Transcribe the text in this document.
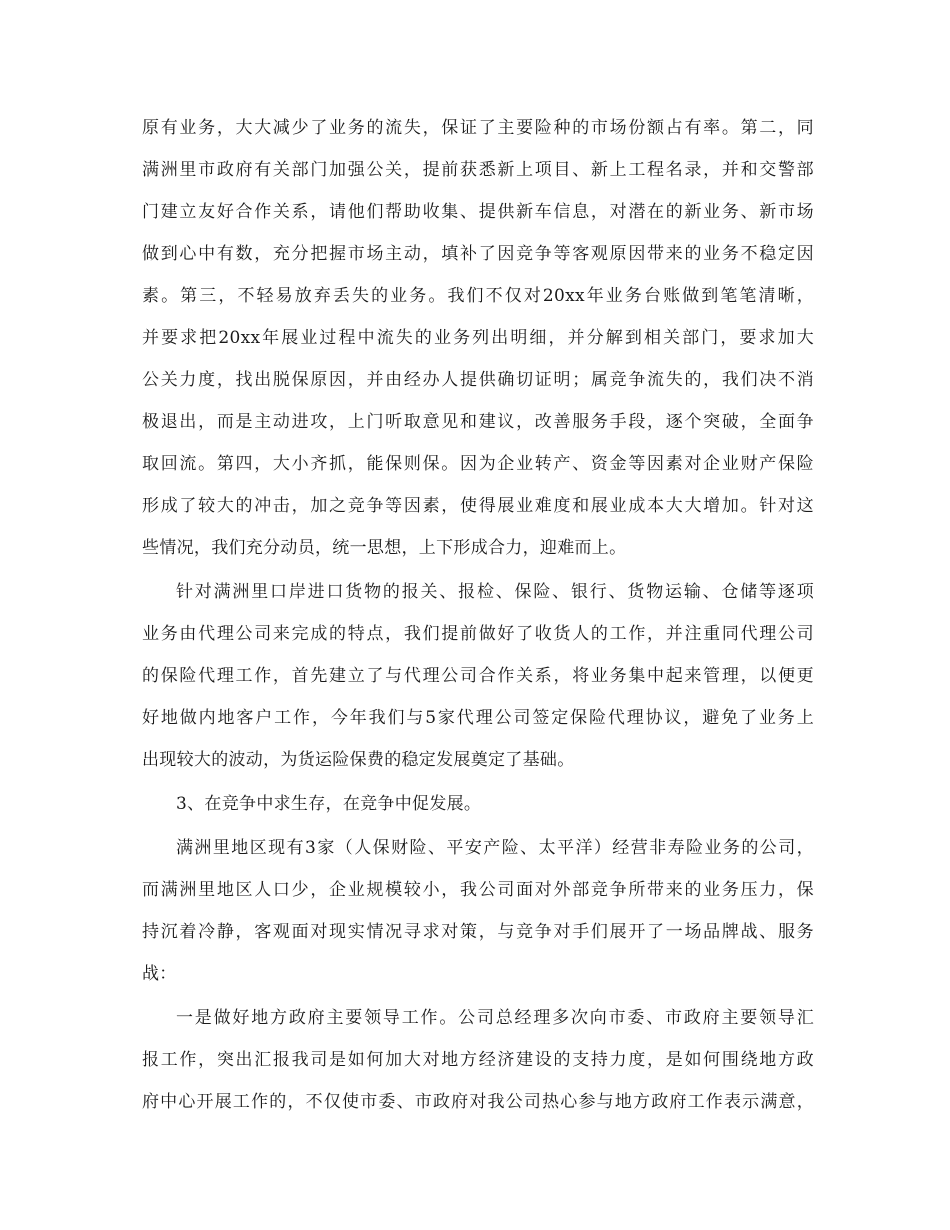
原有业务，大大减少了业务的流失，保证了主要险种的市场份额占有率。第二，同

满洲里市政府有关部门加强公关，提前获悉新上项目、新上工程名录，并和交警部

门建立友好合作关系，请他们帮助收集、提供新车信息，对潜在的新业务、新市场

做到心中有数，充分把握市场主动，填补了因竞争等客观原因带来的业务不稳定因

素。第三，不轻易放弃丢失的业务。我们不仅对20xx年业务台账做到笔笔清晰，

并要求把20xx年展业过程中流失的业务列出明细，并分解到相关部门，要求加大

公关力度，找出脱保原因，并由经办人提供确切证明；属竞争流失的，我们决不消

极退出，而是主动进攻，上门听取意见和建议，改善服务手段，逐个突破，全面争

取回流。第四，大小齐抓，能保则保。因为企业转产、资金等因素对企业财产保险

形成了较大的冲击，加之竞争等因素，使得展业难度和展业成本大大增加。针对这

些情况，我们充分动员，统一思想，上下形成合力，迎难而上。

针对满洲里口岸进口货物的报关、报检、保险、银行、货物运输、仓储等逐项

业务由代理公司来完成的特点，我们提前做好了收货人的工作，并注重同代理公司

的保险代理工作，首先建立了与代理公司合作关系，将业务集中起来管理，以便更

好地做内地客户工作，今年我们与5家代理公司签定保险代理协议，避免了业务上

出现较大的波动，为货运险保费的稳定发展奠定了基础。

3、在竞争中求生存，在竞争中促发展。

满洲里地区现有3家（人保财险、平安产险、太平洋）经营非寿险业务的公司，

而满洲里地区人口少，企业规模较小，我公司面对外部竞争所带来的业务压力，保

持沉着冷静，客观面对现实情况寻求对策，与竞争对手们展开了一场品牌战、服务

战：

一是做好地方政府主要领导工作。公司总经理多次向市委、市政府主要领导汇

报工作，突出汇报我司是如何加大对地方经济建设的支持力度，是如何围绕地方政

府中心开展工作的，不仅使市委、市政府对我公司热心参与地方政府工作表示满意，
